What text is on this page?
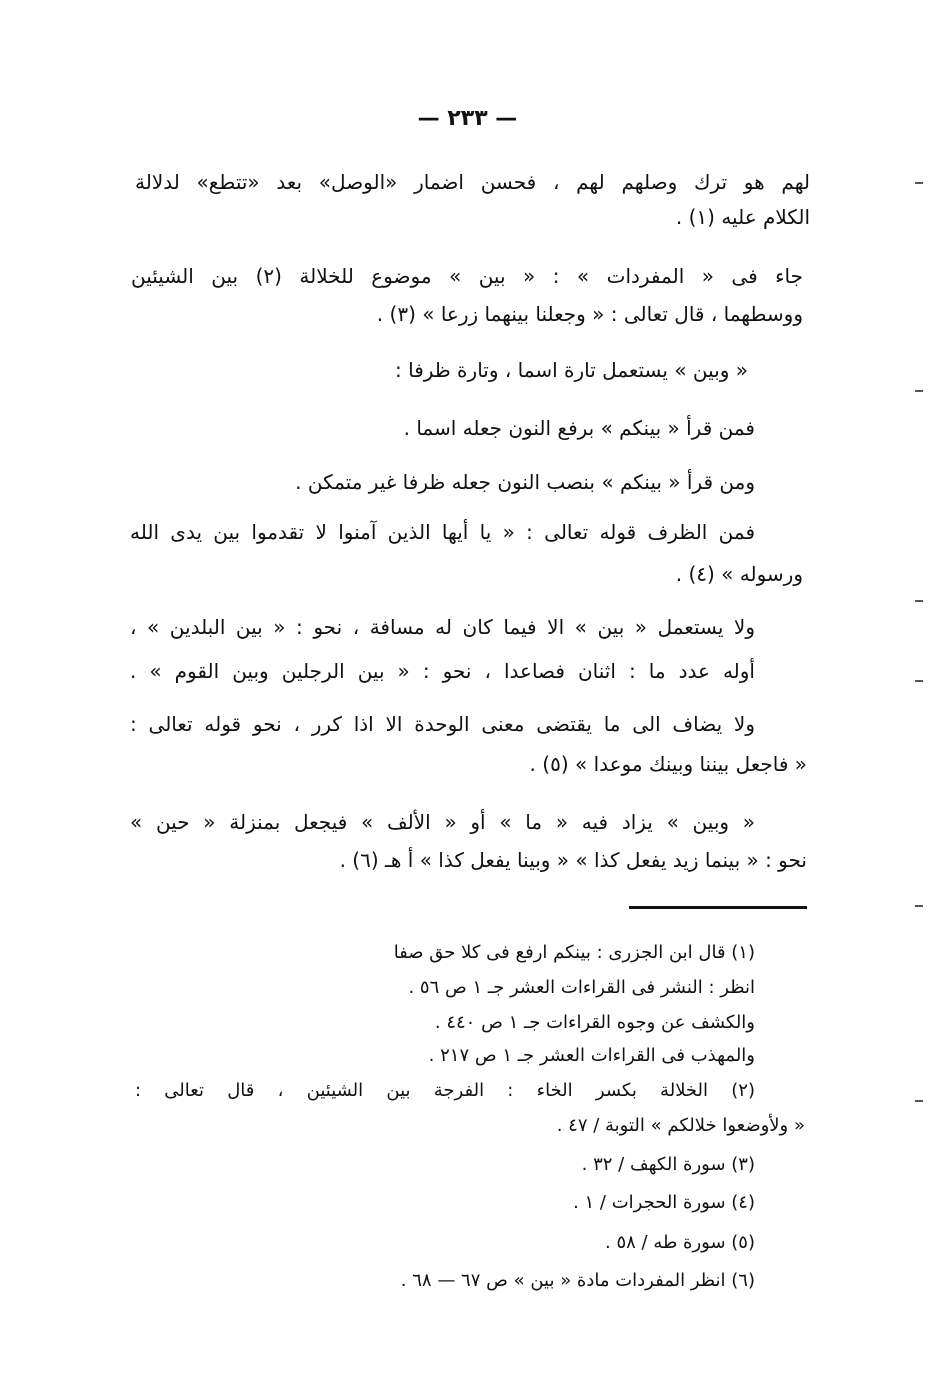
— ٢٣٣ —
لهم هو ترك وصلهم لهم ، فحسن اضمار «الوصل» بعد «تتطع» لدلالة
الكلام عليه (١) .
جاء فى « المفردات » : « بين » موضوع للخلالة (٢) بين الشيئين
ووسطهما ، قال تعالى : « وجعلنا بينهما زرعا » (٣) .
« وبين » يستعمل تارة اسما ، وتارة ظرفا :
فمن قرأ « بينكم » برفع النون جعله اسما .
ومن قرأ « بينكم » بنصب النون جعله ظرفا غير متمكن .
فمن الظرف قوله تعالى : « يا أيها الذين آمنوا لا تقدموا بين يدى الله
ورسوله » (٤) .
ولا يستعمل « بين » الا فيما كان له مسافة ، نحو : « بين البلدين » ،
أوله عدد ما : اثنان فصاعدا ، نحو : « بين الرجلين وبين القوم » .
ولا يضاف الى ما يقتضى معنى الوحدة الا اذا كرر ، نحو قوله تعالى :
« فاجعل بيننا وبينك موعدا » (٥) .
« وبين » يزاد فيه « ما » أو « الألف » فيجعل بمنزلة « حين »
نحو : « بينما زيد يفعل كذا » « وبينا يفعل كذا » أ هـ (٦) .
(١) قال ابن الجزرى : بينكم ارفع فى كلا حق صفا
انظر : النشر فى القراءات العشر جـ ١ ص ٥٦ .
والكشف عن وجوه القراءات جـ ١ ص ٤٤٠ .
والمهذب فى القراءات العشر جـ ١ ص ٢١٧ .
(٢) الخلالة بكسر الخاء : الفرجة بين الشيئين ، قال تعالى :
« ولأوضعوا خلالكم » التوبة / ٤٧ .
(٣) سورة الكهف / ٣٢ .
(٤) سورة الحجرات / ١ .
(٥) سورة طه / ٥٨ .
(٦) انظر المفردات مادة « بين » ص ٦٧ — ٦٨ .
